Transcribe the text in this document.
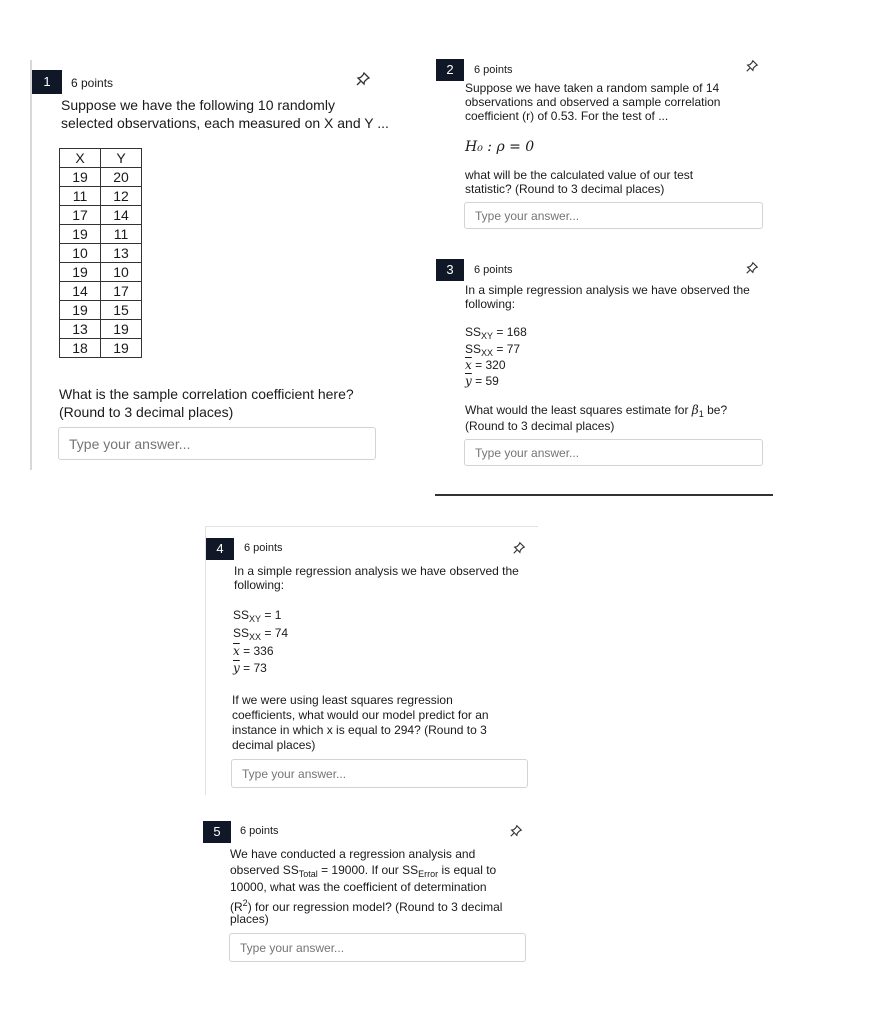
1	6 points
Suppose we have the following 10 randomly
selected observations, each measured on X and Y ...
X	Y
19	20
11	12
17	14
19	11
10	13
19	10
14	17
19	15
13	19
18	19
What is the sample correlation coefficient here?
(Round to 3 decimal places)
Type your answer...
2	6 points
Suppose we have taken a random sample of 14
observations and observed a sample correlation
coefficient (r) of 0.53. For the test of ...
H₀ : ρ = 0
what will be the calculated value of our test
statistic? (Round to 3 decimal places)
Type your answer...
3	6 points
In a simple regression analysis we have observed the
following:
$SS_{XY} = 168$
$SS_{XX} = 77$
$\overline{x} = 320$
$\overline{y} = 59$
What would the least squares estimate for $\beta_1$ be?
(Round to 3 decimal places)
Type your answer...
4	6 points
In a simple regression analysis we have observed the
following:
$SS_{XY} = 1$
$SS_{XX} = 74$
$\overline{x} = 336$
$\overline{y} = 73$
If we were using least squares regression
coefficients, what would our model predict for an
instance in which x is equal to 294? (Round to 3
decimal places)
Type your answer...
5	6 points
We have conducted a regression analysis and
observed $SS_{Total} = 19000$. If our $SS_{Error}$ is equal to
10000, what was the coefficient of determination
$(R^2)$ for our regression model? (Round to 3 decimal
places)
Type your answer...
